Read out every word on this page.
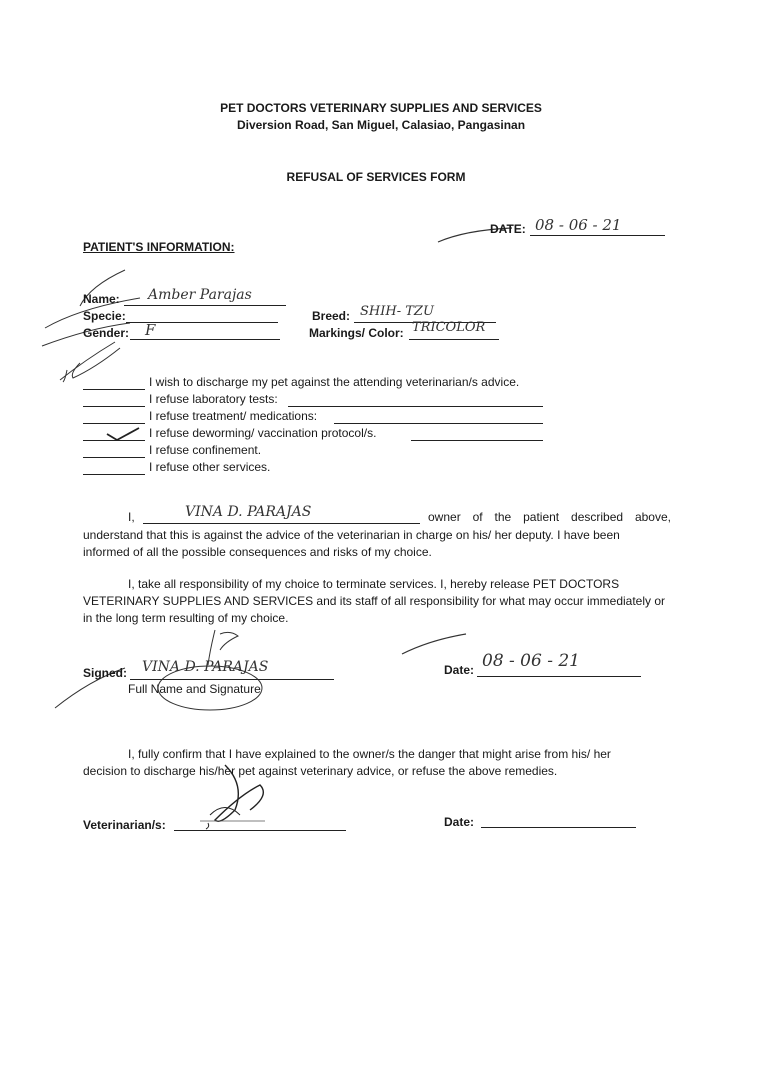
PET DOCTORS VETERINARY SUPPLIES AND SERVICES
Diversion Road, San Miguel, Calasiao, Pangasinan
REFUSAL OF SERVICES FORM
DATE: 08 - 06 - 21
PATIENT'S INFORMATION:
Name: Amber Parajas
Specie:
Gender: F
Breed: SHIH- TZU
Markings/ Color: TRICOLOR
I wish to discharge my pet against the attending veterinarian/s advice.
I refuse laboratory tests:
I refuse treatment/ medications:
I refuse deworming/ vaccination protocol/s.
I refuse confinement.
I refuse other services.
I,	VINA D. PARAJAS	owner of the patient described above,
understand that this is against the advice of the veterinarian in charge on his/ her deputy. I have been
informed of all the possible consequences and risks of my choice.
I, take all responsibility of my choice to terminate services. I, hereby release PET DOCTORS
VETERINARY SUPPLIES AND SERVICES and its staff of all responsibility for what may occur immediately or
in the long term resulting of my choice.
Signed: VINA D. PARAJAS
Full Name and Signature
Date: 08 - 06 - 21
I, fully confirm that I have explained to the owner/s the danger that might arise from his/ her
decision to discharge his/her pet against veterinary advice, or refuse the above remedies.
Veterinarian/s:	Date:
